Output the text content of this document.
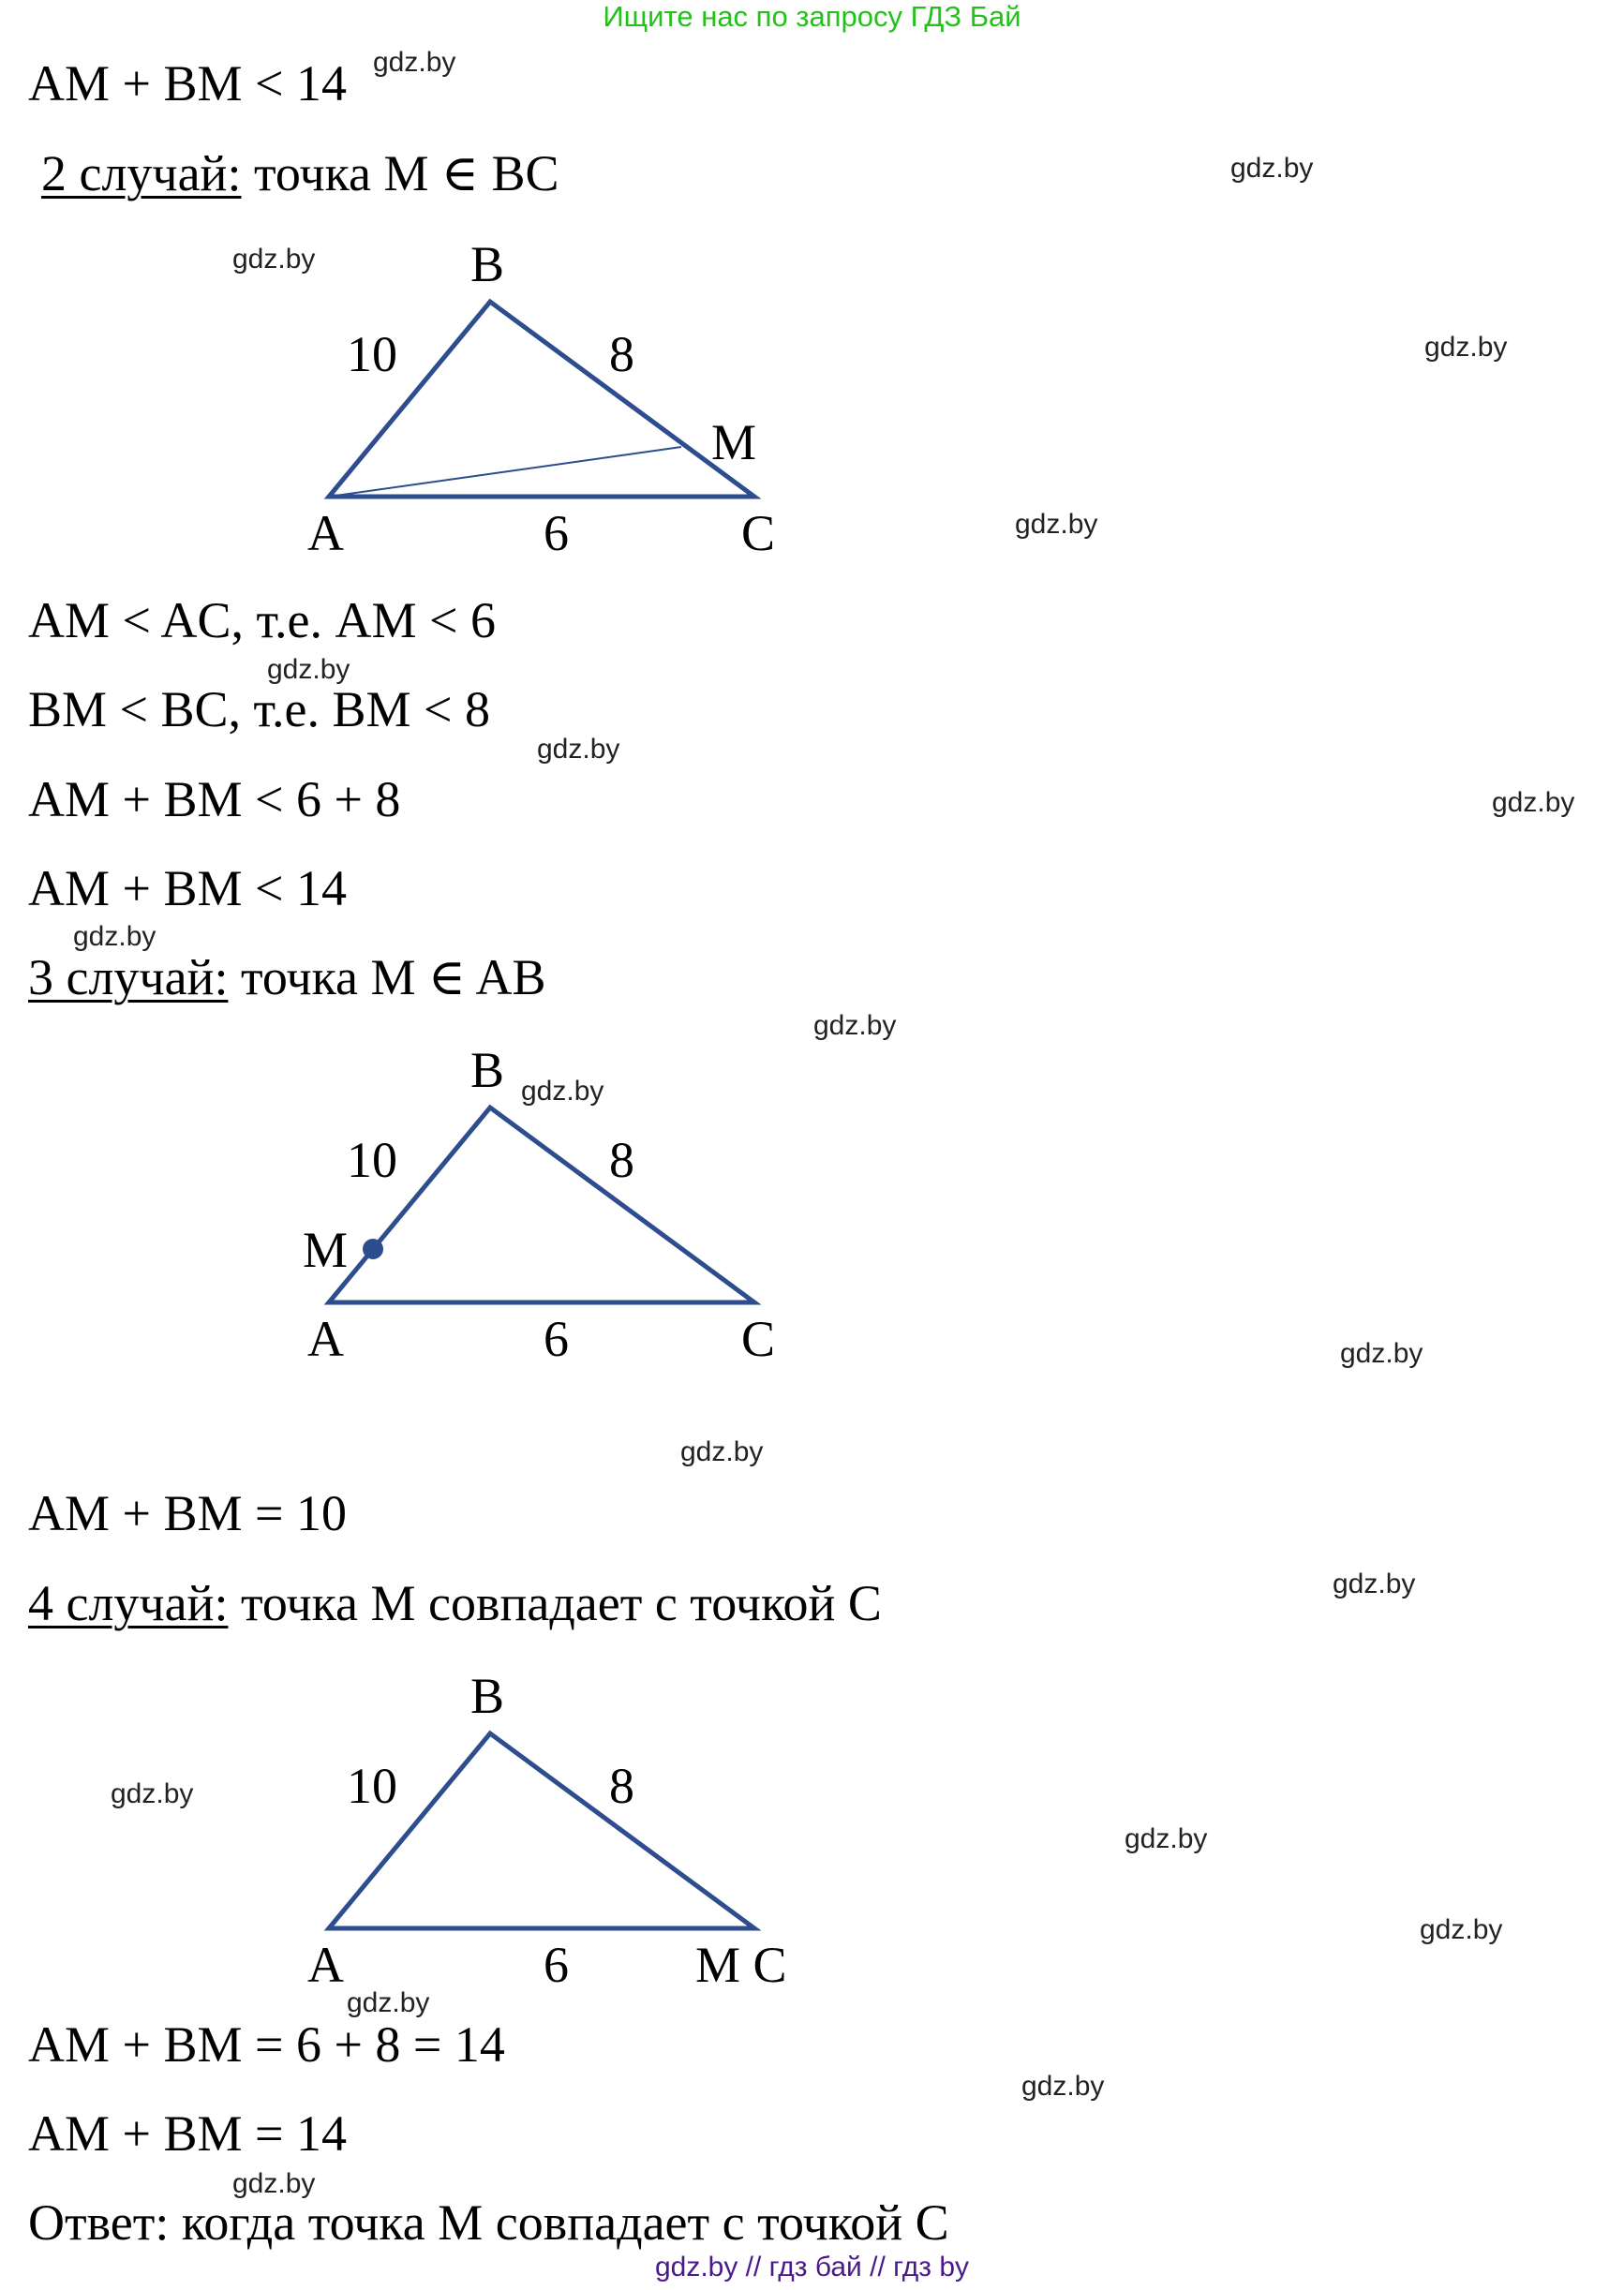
Ищите нас по запросу ГДЗ Бай
AM + BM < 14
2 случай: точка M ∈ BC
AM < AC, т.е. AM < 6
BM < BC, т.е. BM < 8
AM + BM < 6 + 8
AM + BM < 14
3 случай: точка M ∈ AB
AM + BM = 10
4 случай: точка M совпадает с точкой C
AM + BM = 6 + 8 = 14
AM + BM = 14
Ответ: когда точка M совпадает с точкой C
B
A	C
M
10	8
6
B
A	C
M
10	8
6
B
A	M C
10	8
6
gdz.by
gdz.by
gdz.by
gdz.by
gdz.by
gdz.by
gdz.by
gdz.by
gdz.by
gdz.by
gdz.by
gdz.by
gdz.by
gdz.by
gdz.by
gdz.by
gdz.by
gdz.by
gdz.by
gdz.by
gdz.by // гдз бай // гдз by
